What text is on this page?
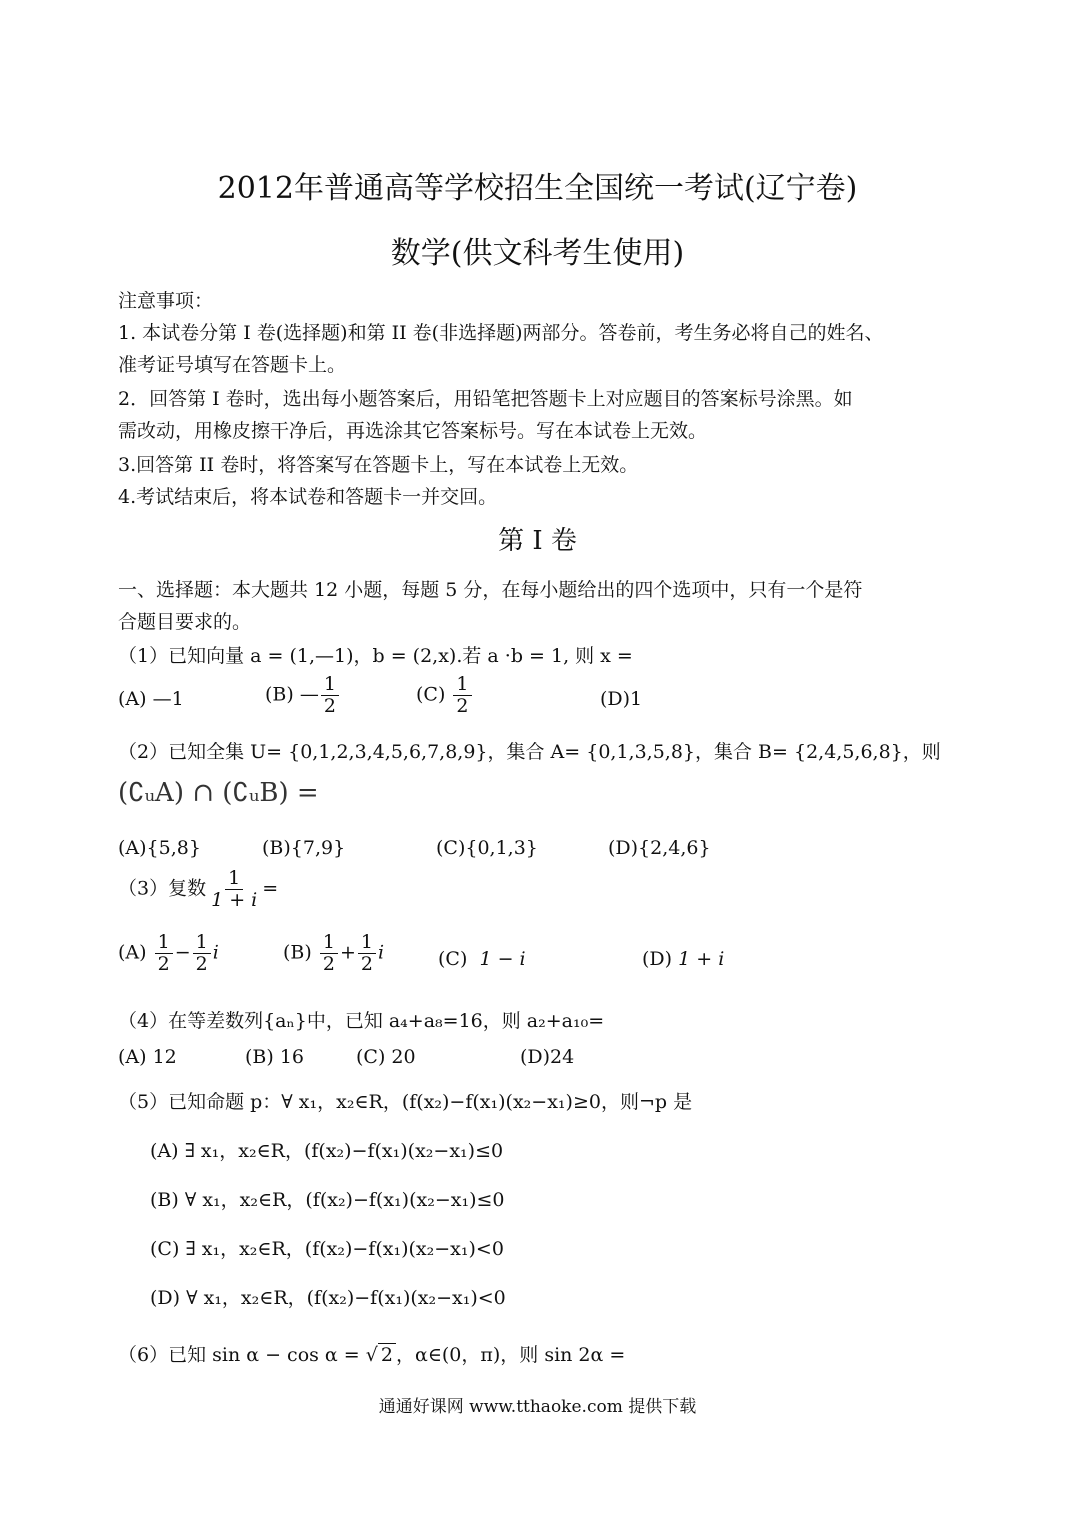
2012年普通高等学校招生全国统一考试(辽宁卷)
数学(供文科考生使用)
注意事项：
1. 本试卷分第 I 卷(选择题)和第 II 卷(非选择题)两部分。答卷前，考生务必将自己的姓名、
准考证号填写在答题卡上。
2．回答第 I 卷时，选出每小题答案后，用铅笔把答题卡上对应题目的答案标号涂黑。如
需改动，用橡皮擦干净后，再选涂其它答案标号。写在本试卷上无效。
3.回答第 II 卷时，将答案写在答题卡上，写在本试卷上无效。
4.考试结束后，将本试卷和答题卡一并交回。
第 I 卷
一、选择题：本大题共 12 小题，每题 5 分，在每小题给出的四个选项中，只有一个是符
合题目要求的。
（1）已知向量 a = (1,—1)，b = (2,x).若 a ·b = 1, 则 x =
(A) —1	(B) — $\frac{1}{2}$	$(C) \frac{1}{2}$	(D)1
（2）已知全集 U= {0,1,2,3,4,5,6,7,8,9}，集合 A= {0,1,3,5,8}，集合 B= {2,4,5,6,8}，则
(∁ᵤA) ∩ (∁ᵤB) =
(A){5,8}	(B){7,9}	(C){0,1,3}	(D){2,4,6}
（3）复数 $\frac{1}{1 + i}$ =
$(A) \frac{1}{2} - \frac{1}{2}$ i	$(B) \frac{1}{2} + \frac{1}{2}$ i	(C) 1 − i	(D) 1 + i
（4）在等差数列{aₙ}中，已知 a₄+a₈=16，则 a₂+a₁₀=
(A) 12	(B) 16	(C) 20	(D)24
（5）已知命题 p：∀ x₁，x₂∈R，(f(x₂)−f(x₁)(x₂−x₁)≥0，则¬p 是
(A) ∃ x₁，x₂∈R，(f(x₂)−f(x₁)(x₂−x₁)≤0
(B) ∀ x₁，x₂∈R，(f(x₂)−f(x₁)(x₂−x₁)≤0
(C) ∃ x₁，x₂∈R，(f(x₂)−f(x₁)(x₂−x₁)<0
(D) ∀ x₁，x₂∈R，(f(x₂)−f(x₁)(x₂−x₁)<0
（6）已知 sin α − cos α = √ 2 ，α∈(0，π)，则 sin 2α =
通通好课网 www.tthaoke.com 提供下载
